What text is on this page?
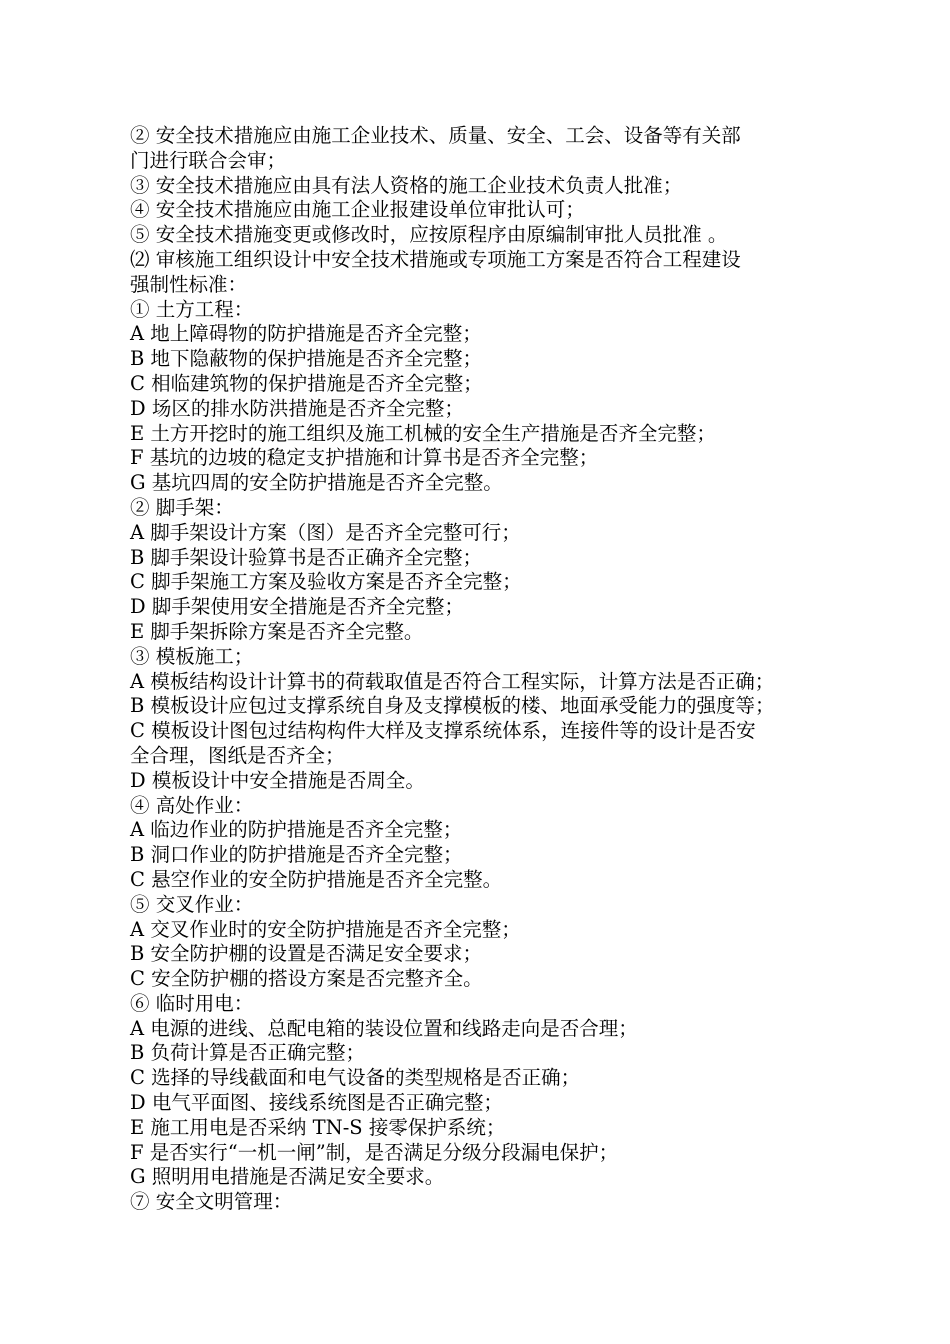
② 安全技术措施应由施工企业技术、质量、安全、工会、设备等有关部
门进行联合会审；
③ 安全技术措施应由具有法人资格的施工企业技术负责人批准；
④ 安全技术措施应由施工企业报建设单位审批认可；
⑤ 安全技术措施变更或修改时，应按原程序由原编制审批人员批准 。
⑵ 审核施工组织设计中安全技术措施或专项施工方案是否符合工程建设
强制性标准：
① 土方工程：
A 地上障碍物的防护措施是否齐全完整；
B 地下隐蔽物的保护措施是否齐全完整；
C 相临建筑物的保护措施是否齐全完整；
D 场区的排水防洪措施是否齐全完整；
E 土方开挖时的施工组织及施工机械的安全生产措施是否齐全完整；
F 基坑的边坡的稳定支护措施和计算书是否齐全完整；
G 基坑四周的安全防护措施是否齐全完整。
② 脚手架：
A 脚手架设计方案（图）是否齐全完整可行；
B 脚手架设计验算书是否正确齐全完整；
C 脚手架施工方案及验收方案是否齐全完整；
D 脚手架使用安全措施是否齐全完整；
E 脚手架拆除方案是否齐全完整。
③ 模板施工；
A 模板结构设计计算书的荷载取值是否符合工程实际，计算方法是否正确；
B 模板设计应包过支撑系统自身及支撑模板的楼、地面承受能力的强度等；
C 模板设计图包过结构构件大样及支撑系统体系，连接件等的设计是否安
全合理，图纸是否齐全；
D 模板设计中安全措施是否周全。
④ 高处作业：
A 临边作业的防护措施是否齐全完整；
B 洞口作业的防护措施是否齐全完整；
C 悬空作业的安全防护措施是否齐全完整。
⑤ 交叉作业：
A 交叉作业时的安全防护措施是否齐全完整；
B 安全防护棚的设置是否满足安全要求；
C 安全防护棚的搭设方案是否完整齐全。
⑥ 临时用电：
A 电源的进线、总配电箱的装设位置和线路走向是否合理；
B 负荷计算是否正确完整；
C 选择的导线截面和电气设备的类型规格是否正确；
D 电气平面图、接线系统图是否正确完整；
E 施工用电是否采纳 TN-S 接零保护系统；
F 是否实行“一机一闸”制，是否满足分级分段漏电保护；
G 照明用电措施是否满足安全要求。
⑦ 安全文明管理：
